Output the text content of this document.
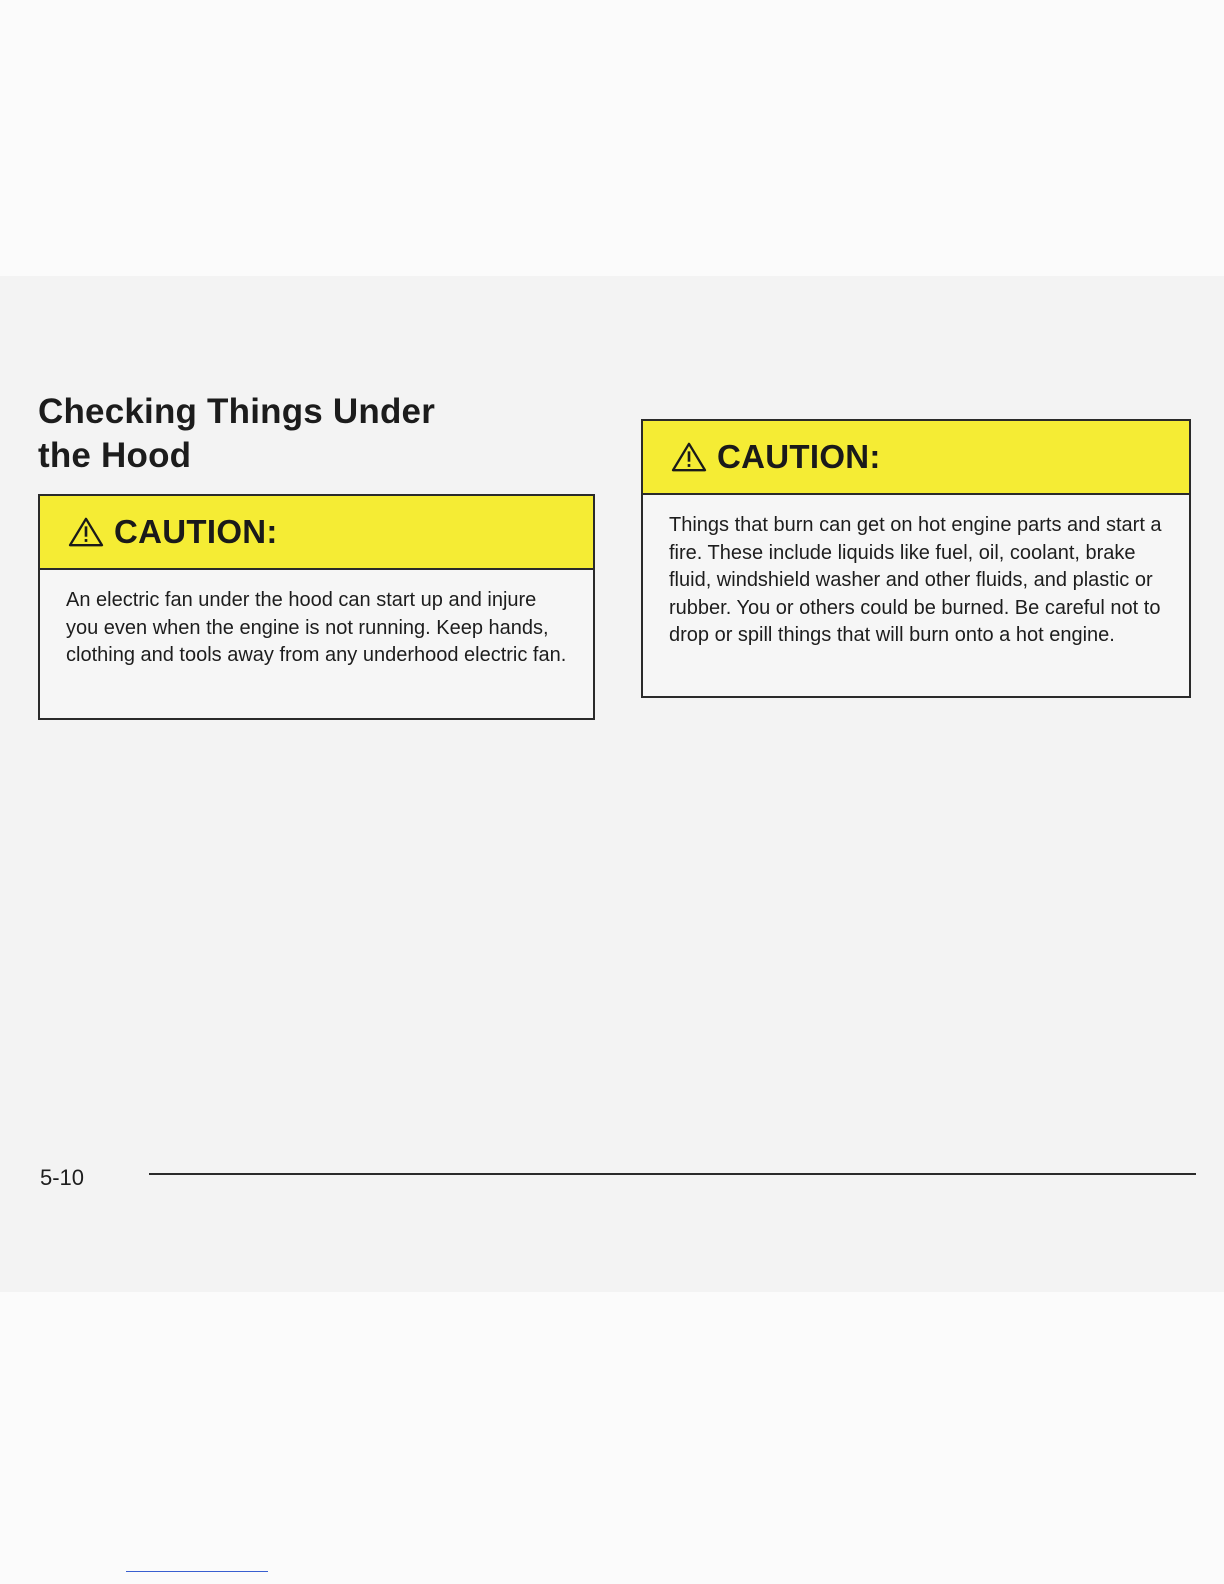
Checking Things Under
the Hood
CAUTION:

An electric fan under the hood can start up and injure you even when the engine is not running. Keep hands, clothing and tools away from any underhood electric fan.

CAUTION:

Things that burn can get on hot engine parts and start a fire. These include liquids like fuel, oil, coolant, brake fluid, windshield washer and other fluids, and plastic or rubber. You or others could be burned. Be careful not to drop or spill things that will burn onto a hot engine.

5-10
